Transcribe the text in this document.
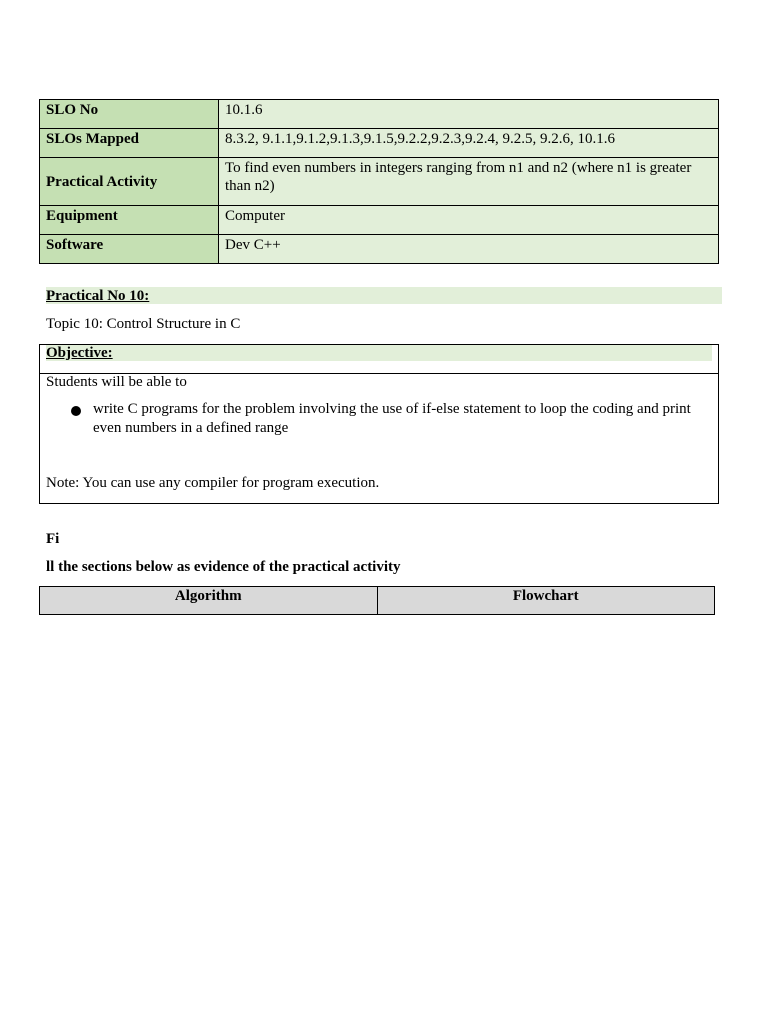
SLO No	10.1.6
SLOs Mapped	8.3.2, 9.1.1,9.1.2,9.1.3,9.1.5,9.2.2,9.2.3,9.2.4, 9.2.5, 9.2.6, 10.1.6
Practical Activity	To find even numbers in integers ranging from n1 and n2 (where n1 is greater than n2)
Equipment	Computer
Software	Dev C++
Practical No 10:
Topic 10: Control Structure in C
Objective:
Students will be able to
write C programs for the problem involving the use of if-else statement to loop the coding and print even numbers in a defined range
Note: You can use any compiler for program execution.
Fi
ll the sections below as evidence of the practical activity
Algorithm	Flowchart
